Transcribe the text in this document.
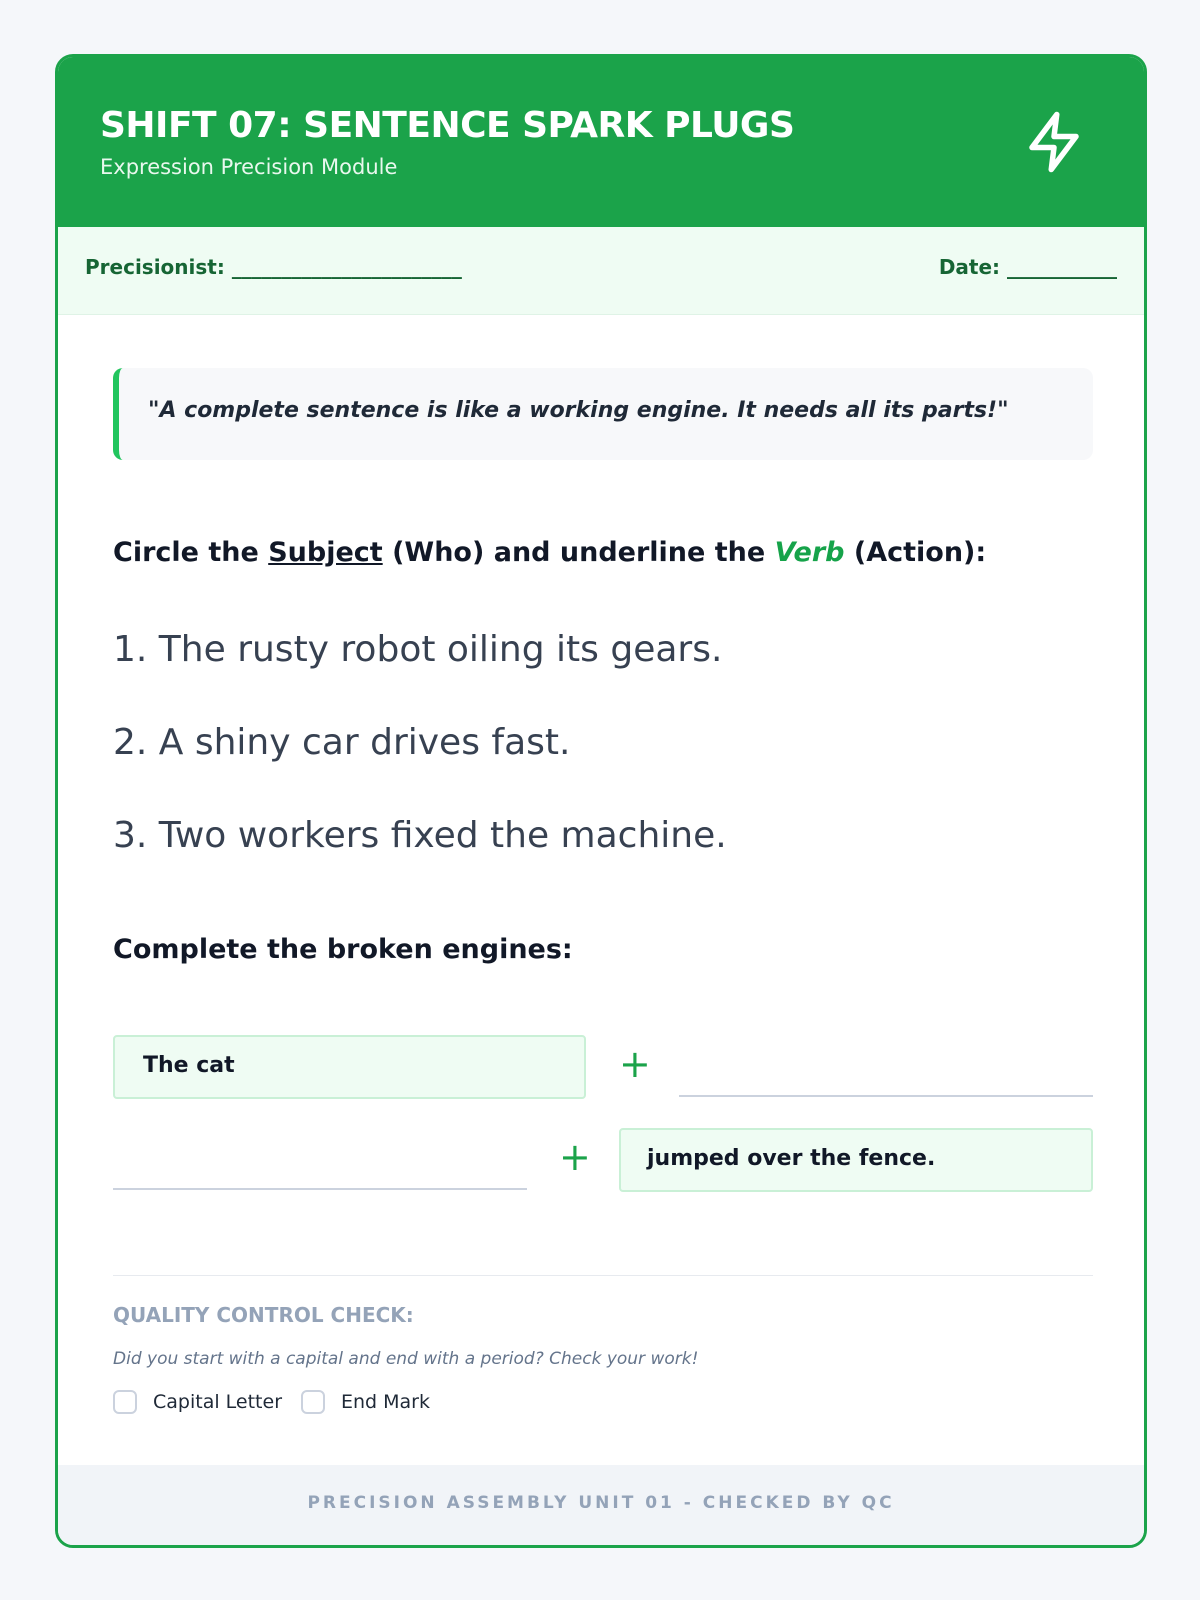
SHIFT 07: SENTENCE SPARK PLUGS
Expression Precision Module
Precisionist: _______________________	Date: ___________
"A complete sentence is like a working engine. It needs all its parts!"
Circle the Subject (Who) and underline the Verb (Action):
1. The rusty robot oiling its gears.
2. A shiny car drives fast.
3. Two workers fixed the machine.
Complete the broken engines:
The cat	+
+	jumped over the fence.
QUALITY CONTROL CHECK:
Did you start with a capital and end with a period? Check your work!
Capital Letter	End Mark
PRECISION ASSEMBLY UNIT 01 - CHECKED BY QC
